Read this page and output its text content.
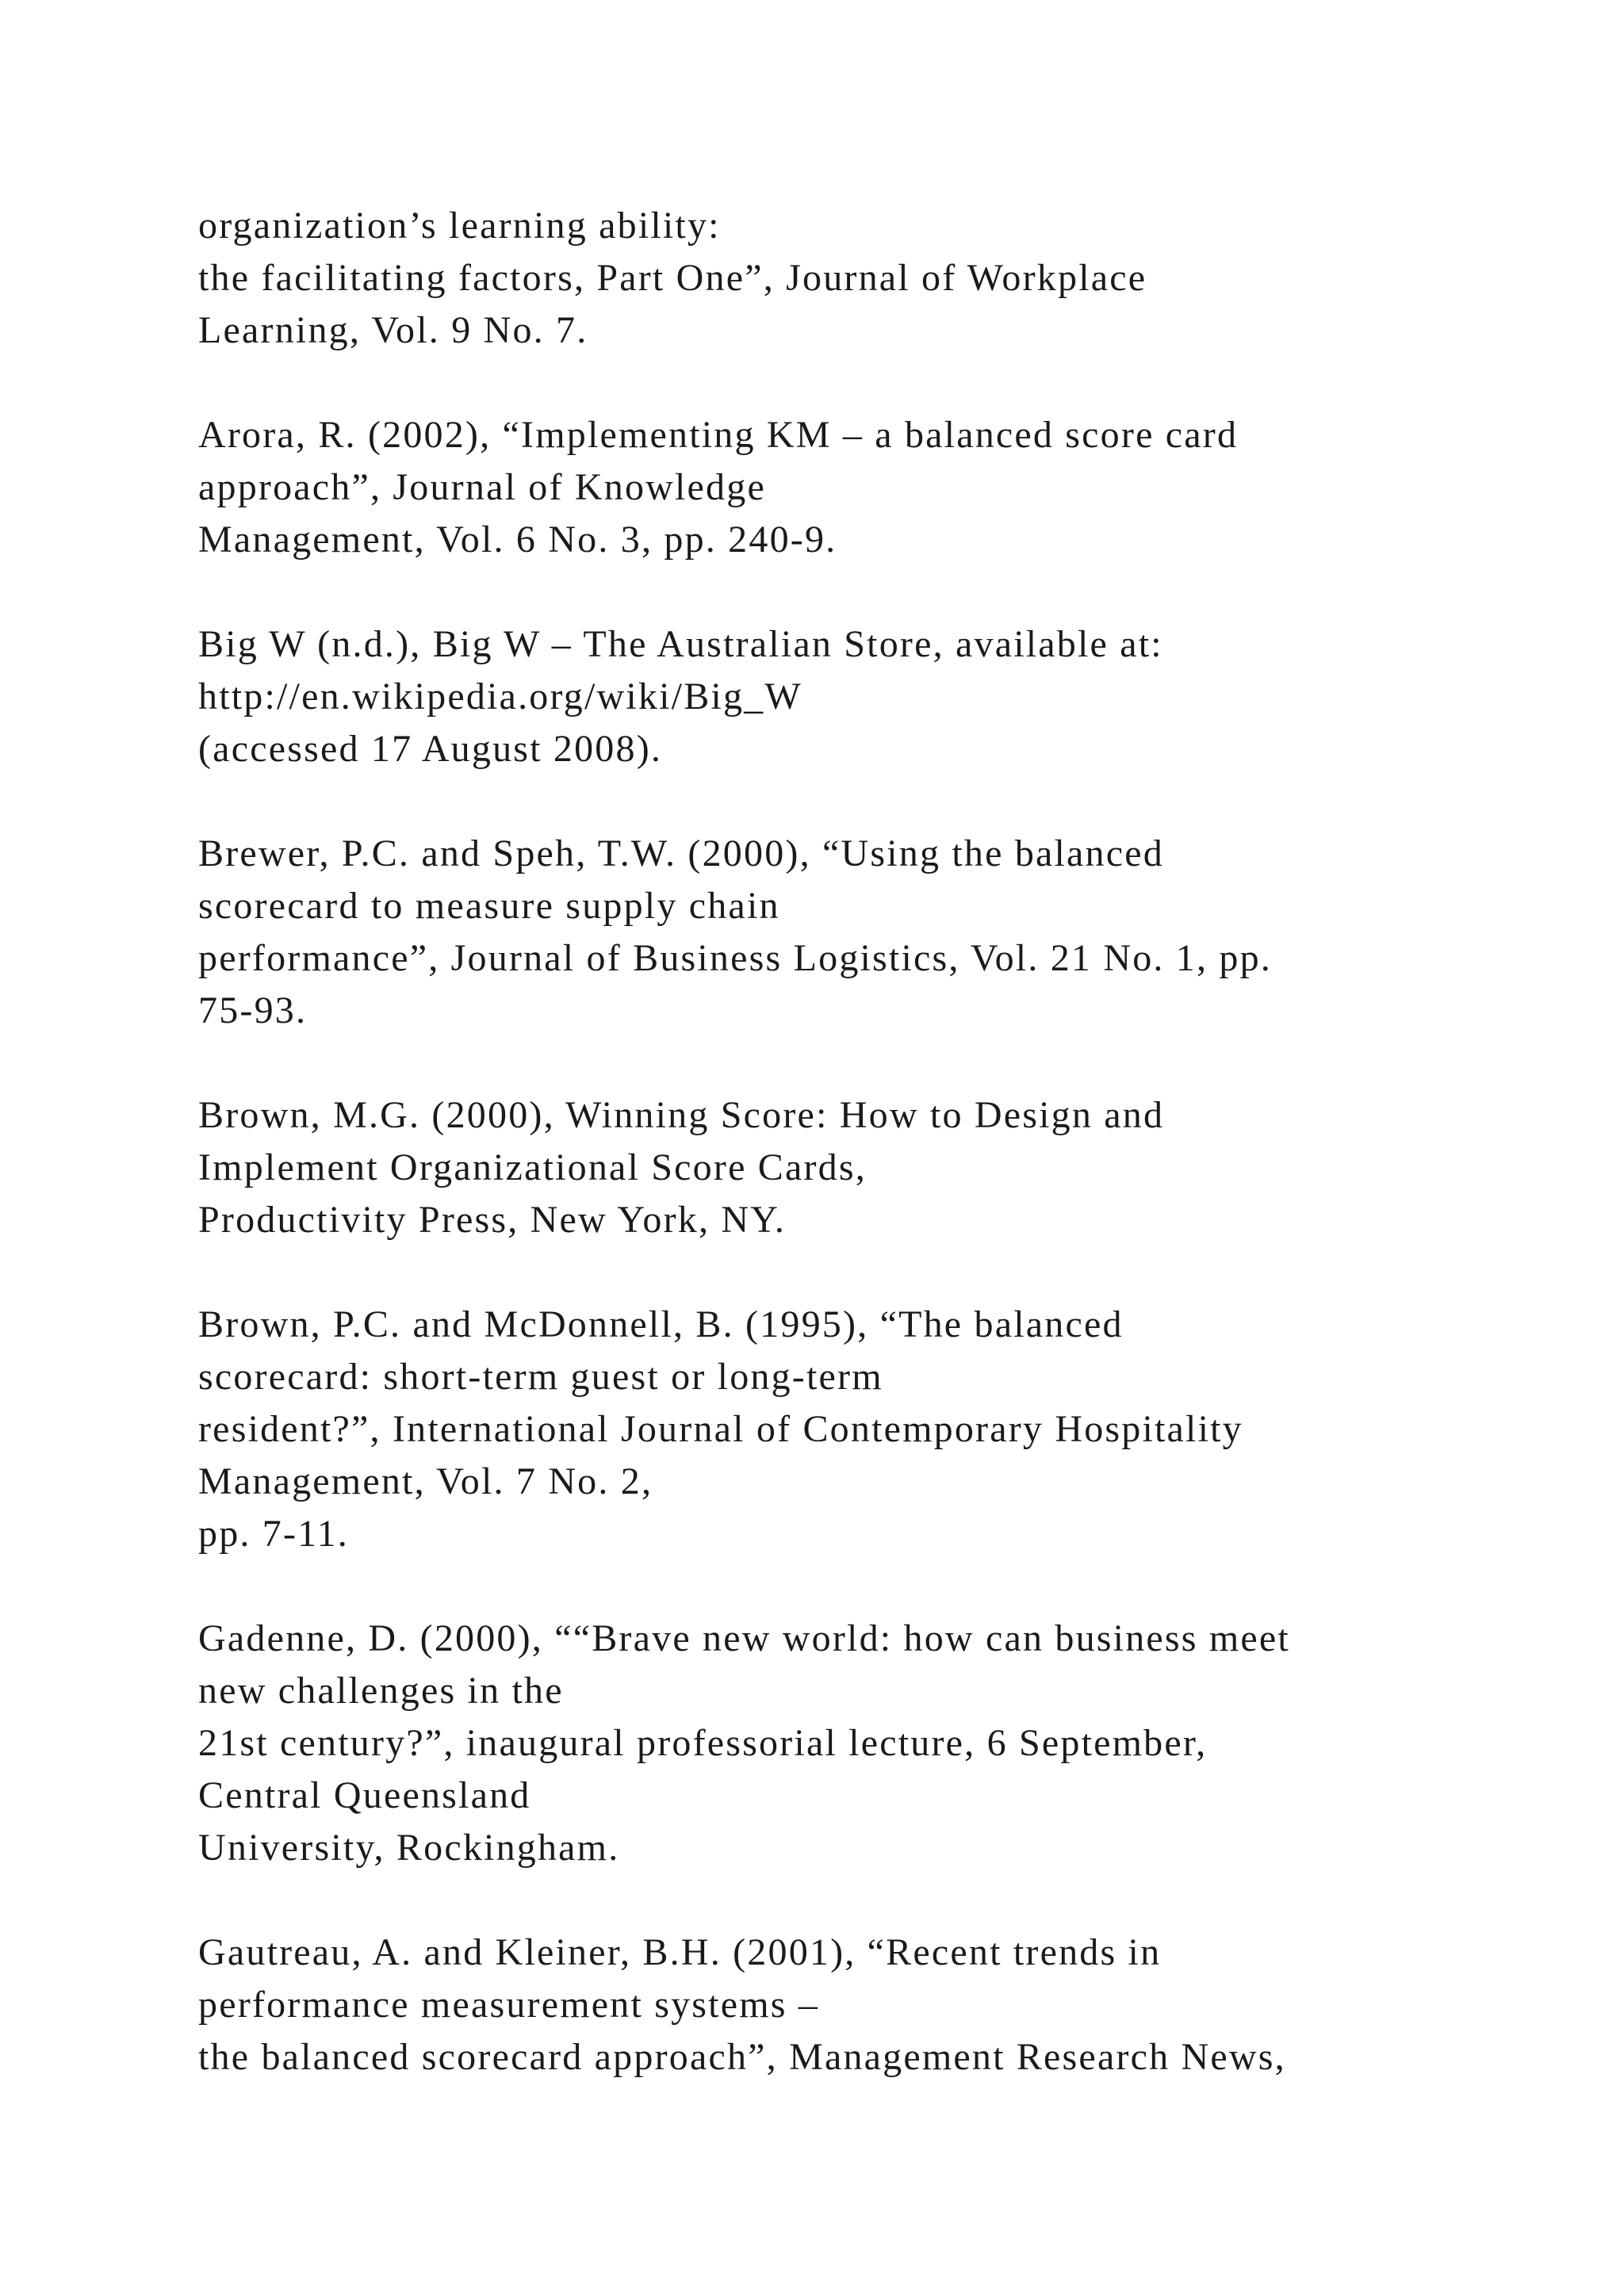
organization’s learning ability:
the facilitating factors, Part One”, Journal of Workplace
Learning, Vol. 9 No. 7.
Arora, R. (2002), “Implementing KM – a balanced score card
approach”, Journal of Knowledge
Management, Vol. 6 No. 3, pp. 240-9.
Big W (n.d.), Big W – The Australian Store, available at:
http://en.wikipedia.org/wiki/Big_W
(accessed 17 August 2008).
Brewer, P.C. and Speh, T.W. (2000), “Using the balanced
scorecard to measure supply chain
performance”, Journal of Business Logistics, Vol. 21 No. 1, pp.
75-93.
Brown, M.G. (2000), Winning Score: How to Design and
Implement Organizational Score Cards,
Productivity Press, New York, NY.
Brown, P.C. and McDonnell, B. (1995), “The balanced
scorecard: short-term guest or long-term
resident?”, International Journal of Contemporary Hospitality
Management, Vol. 7 No. 2,
pp. 7-11.
Gadenne, D. (2000), ““Brave new world: how can business meet
new challenges in the
21st century?”, inaugural professorial lecture, 6 September,
Central Queensland
University, Rockingham.
Gautreau, A. and Kleiner, B.H. (2001), “Recent trends in
performance measurement systems –
the balanced scorecard approach”, Management Research News,
